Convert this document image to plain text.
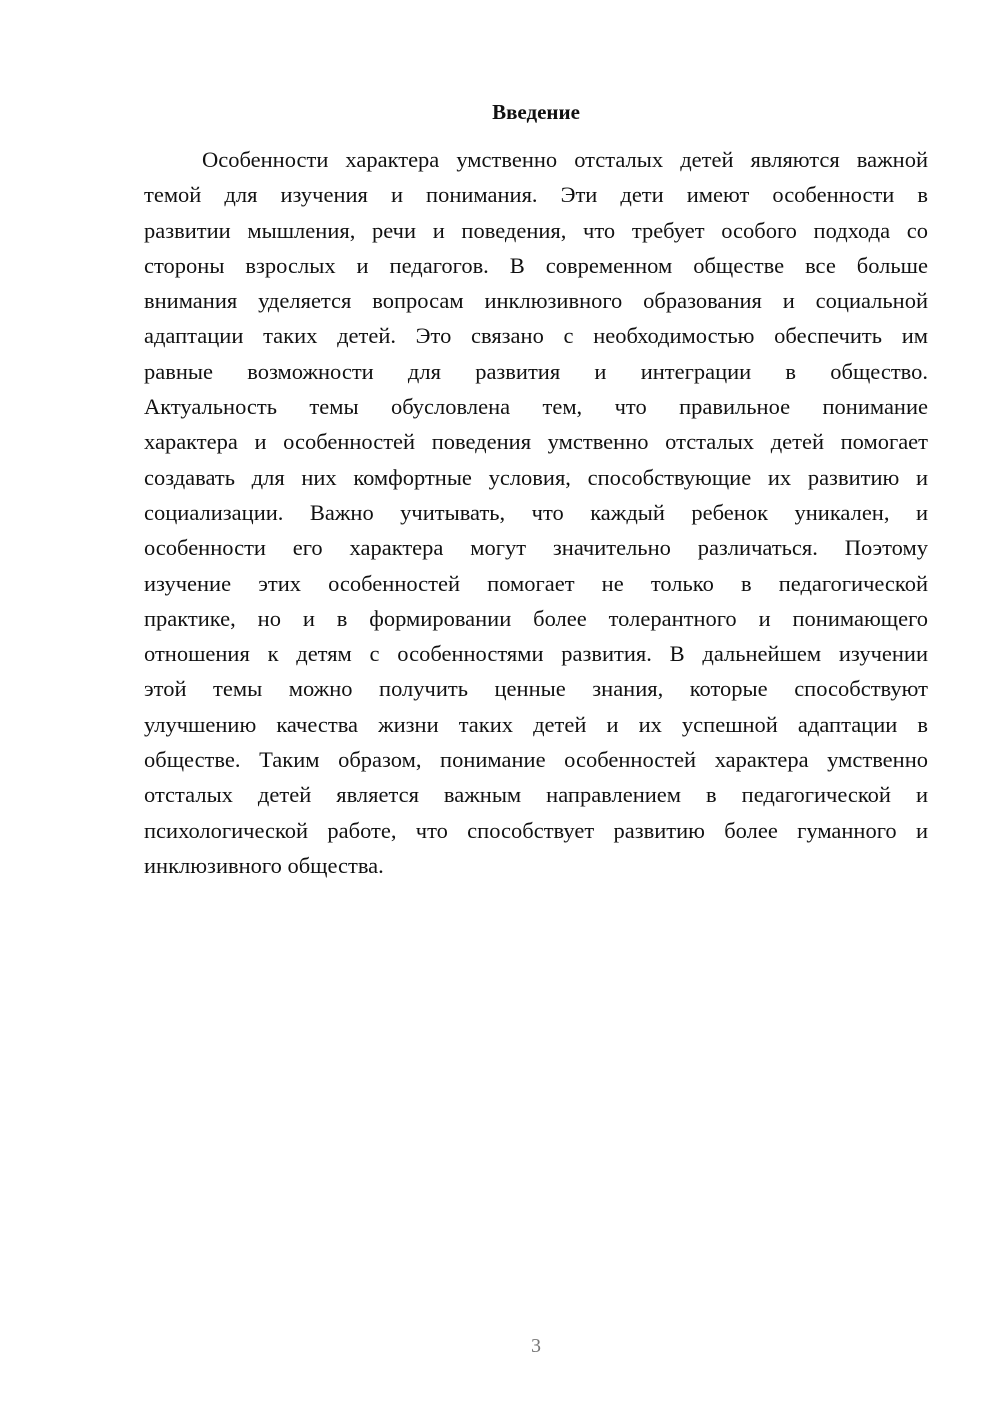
Введение
Особенности характера умственно отсталых детей являются важной
темой для изучения и понимания. Эти дети имеют особенности в
развитии мышления, речи и поведения, что требует особого подхода со
стороны взрослых и педагогов. В современном обществе все больше
внимания уделяется вопросам инклюзивного образования и социальной
адаптации таких детей. Это связано с необходимостью обеспечить им
равные возможности для развития и интеграции в общество.
Актуальность темы обусловлена тем, что правильное понимание
характера и особенностей поведения умственно отсталых детей помогает
создавать для них комфортные условия, способствующие их развитию и
социализации. Важно учитывать, что каждый ребенок уникален, и
особенности его характера могут значительно различаться. Поэтому
изучение этих особенностей помогает не только в педагогической
практике, но и в формировании более толерантного и понимающего
отношения к детям с особенностями развития. В дальнейшем изучении
этой темы можно получить ценные знания, которые способствуют
улучшению качества жизни таких детей и их успешной адаптации в
обществе. Таким образом, понимание особенностей характера умственно
отсталых детей является важным направлением в педагогической и
психологической работе, что способствует развитию более гуманного и
инклюзивного общества.
3
